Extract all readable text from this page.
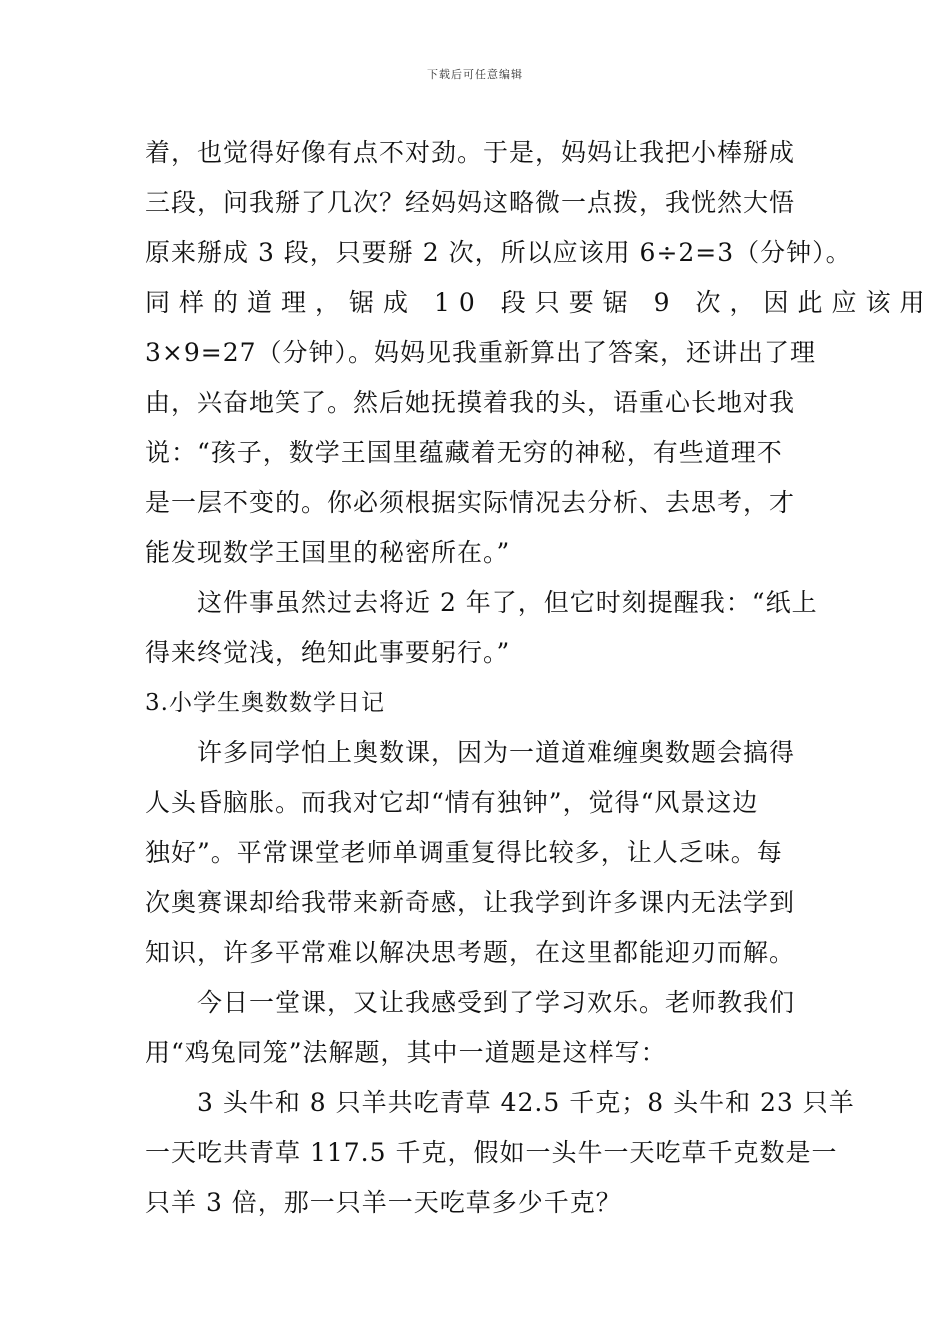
下载后可任意编辑
着，也觉得好像有点不对劲。于是，妈妈让我把小棒掰成
三段，问我掰了几次？经妈妈这略微一点拨，我恍然大悟
原来掰成 3 段，只要掰 2 次，所以应该用 6÷2=3（分钟）。
同样的道理，锯成 10 段只要锯 9 次，因此应该用
3×9=27（分钟）。妈妈见我重新算出了答案，还讲出了理
由，兴奋地笑了。然后她抚摸着我的头，语重心长地对我
说：“孩子，数学王国里蕴藏着无穷的神秘，有些道理不
是一层不变的。你必须根据实际情况去分析、去思考，才
能发现数学王国里的秘密所在。”
这件事虽然过去将近 2 年了，但它时刻提醒我：“纸上
得来终觉浅，绝知此事要躬行。”
3.小学生奥数数学日记
许多同学怕上奥数课，因为一道道难缠奥数题会搞得
人头昏脑胀。而我对它却“情有独钟”，觉得“风景这边
独好”。平常课堂老师单调重复得比较多，让人乏味。每
次奥赛课却给我带来新奇感，让我学到许多课内无法学到
知识，许多平常难以解决思考题，在这里都能迎刃而解。
今日一堂课，又让我感受到了学习欢乐。老师教我们
用“鸡兔同笼”法解题，其中一道题是这样写：
3 头牛和 8 只羊共吃青草 42.5 千克；8 头牛和 23 只羊
一天吃共青草 117.5 千克，假如一头牛一天吃草千克数是一
只羊 3 倍，那一只羊一天吃草多少千克？
